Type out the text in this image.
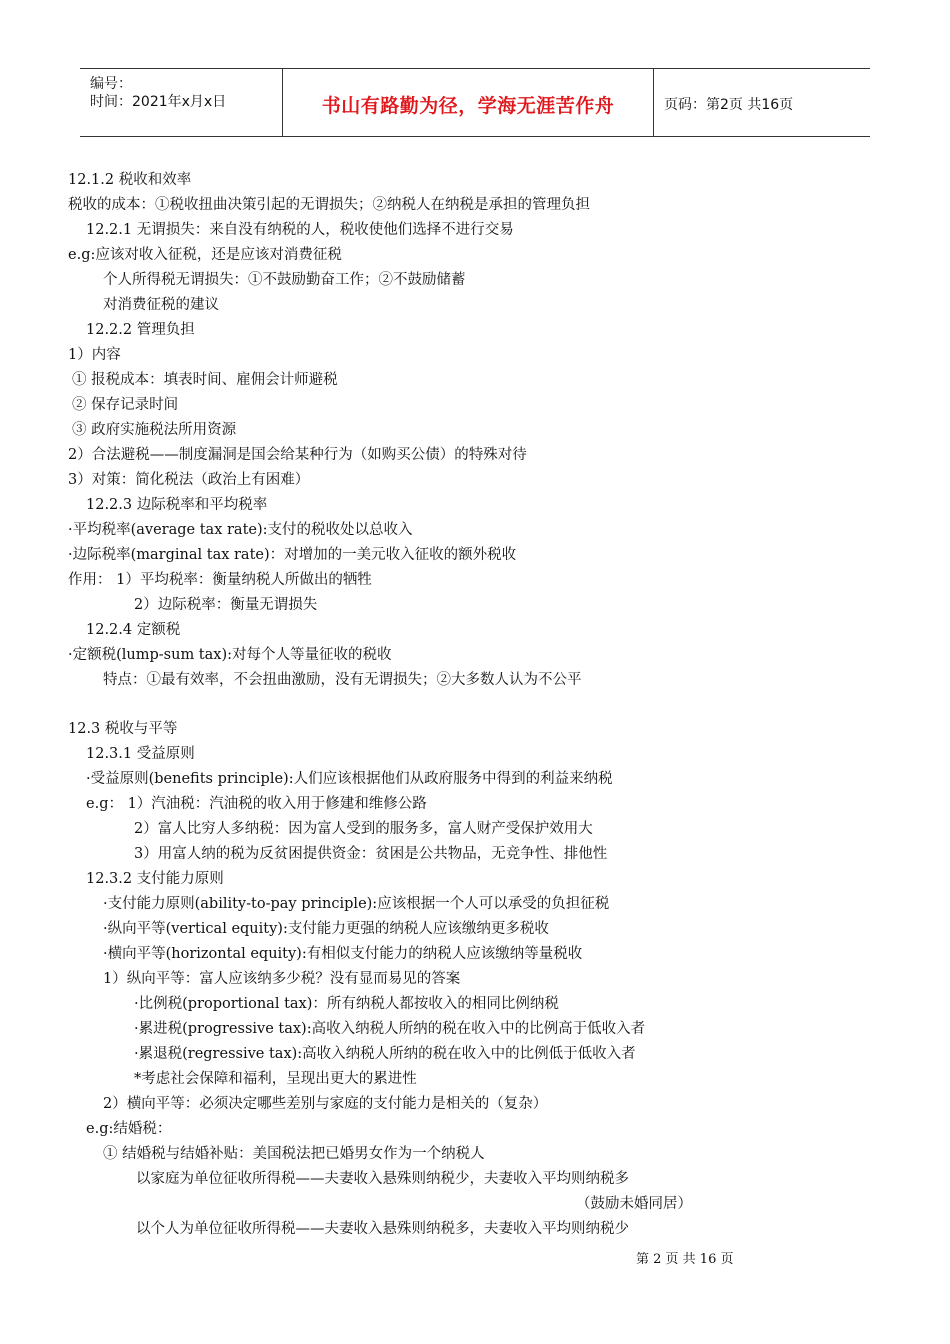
编号：
时间：2021年x月x日	书山有路勤为径，学海无涯苦作舟	页码：第2页 共16页
12.1.2 税收和效率
税收的成本：①税收扭曲决策引起的无谓损失；②纳税人在纳税是承担的管理负担
12.2.1 无谓损失：来自没有纳税的人，税收使他们选择不进行交易
e.g:应该对收入征税，还是应该对消费征税
个人所得税无谓损失：①不鼓励勤奋工作；②不鼓励储蓄
对消费征税的建议
12.2.2 管理负担
1）内容
① 报税成本：填表时间、雇佣会计师避税
② 保存记录时间
③ 政府实施税法所用资源
2）合法避税——制度漏洞是国会给某种行为（如购买公债）的特殊对待
3）对策：简化税法（政治上有困难）
12.2.3 边际税率和平均税率
·平均税率(average tax rate):支付的税收处以总收入
·边际税率(marginal tax rate)：对增加的一美元收入征收的额外税收
作用： 1）平均税率：衡量纳税人所做出的牺牲
2）边际税率：衡量无谓损失
12.2.4 定额税
·定额税(lump-sum tax):对每个人等量征收的税收
特点：①最有效率，不会扭曲激励，没有无谓损失；②大多数人认为不公平
12.3 税收与平等
12.3.1 受益原则
·受益原则(benefits principle):人们应该根据他们从政府服务中得到的利益来纳税
e.g： 1）汽油税：汽油税的收入用于修建和维修公路
2）富人比穷人多纳税：因为富人受到的服务多，富人财产受保护效用大
3）用富人纳的税为反贫困提供资金：贫困是公共物品，无竞争性、排他性
12.3.2 支付能力原则
·支付能力原则(ability-to-pay principle):应该根据一个人可以承受的负担征税
·纵向平等(vertical equity):支付能力更强的纳税人应该缴纳更多税收
·横向平等(horizontal equity):有相似支付能力的纳税人应该缴纳等量税收
1）纵向平等：富人应该纳多少税？没有显而易见的答案
·比例税(proportional tax)：所有纳税人都按收入的相同比例纳税
·累进税(progressive tax):高收入纳税人所纳的税在收入中的比例高于低收入者
·累退税(regressive tax):高收入纳税人所纳的税在收入中的比例低于低收入者
*考虑社会保障和福利，呈现出更大的累进性
2）横向平等：必须决定哪些差别与家庭的支付能力是相关的（复杂）
e.g:结婚税：
① 结婚税与结婚补贴：美国税法把已婚男女作为一个纳税人
以家庭为单位征收所得税——夫妻收入悬殊则纳税少，夫妻收入平均则纳税多
（鼓励未婚同居）
以个人为单位征收所得税——夫妻收入悬殊则纳税多，夫妻收入平均则纳税少
第 2 页 共 16 页
